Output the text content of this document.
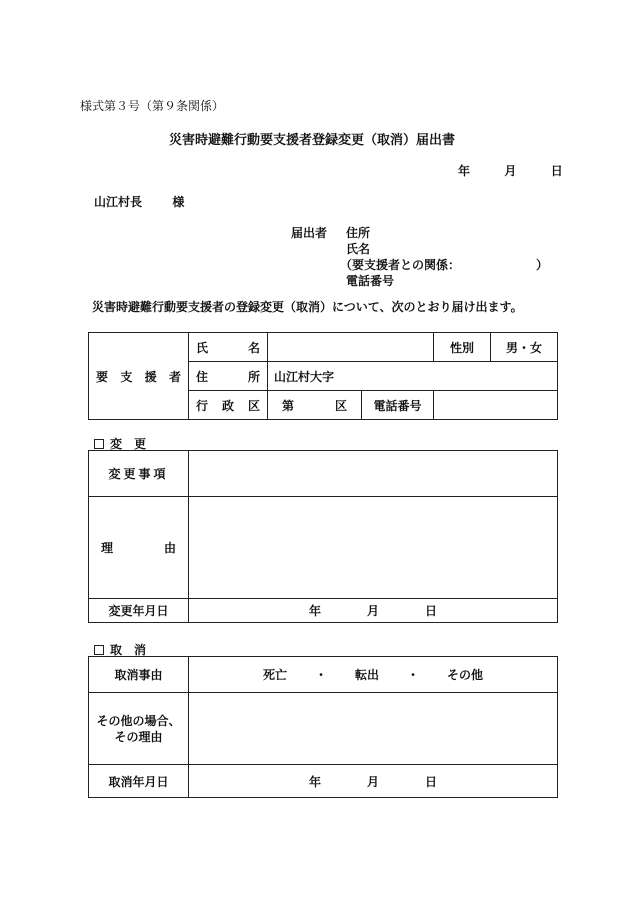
様式第３号（第９条関係）
災害時避難行動要支援者登録変更（取消）届出書
年	月	日
山江村長	様
届出者 住所
氏名
（要支援者との関係：	）
電話番号
　災害時避難行動要支援者の登録変更（取消）について、次のとおり届け出ます。
要 支 援 者	氏 名			性別	男・女

	住 所	山江村大字			

	行 政 区	第 区	電話番号		
変　更
変更事項	

理 由	

変更年月日	年 月 日
取　消
取消事由	死亡 ・ 転出 ・ その他

その他の場合、
その理由	

取消年月日	年 月 日
